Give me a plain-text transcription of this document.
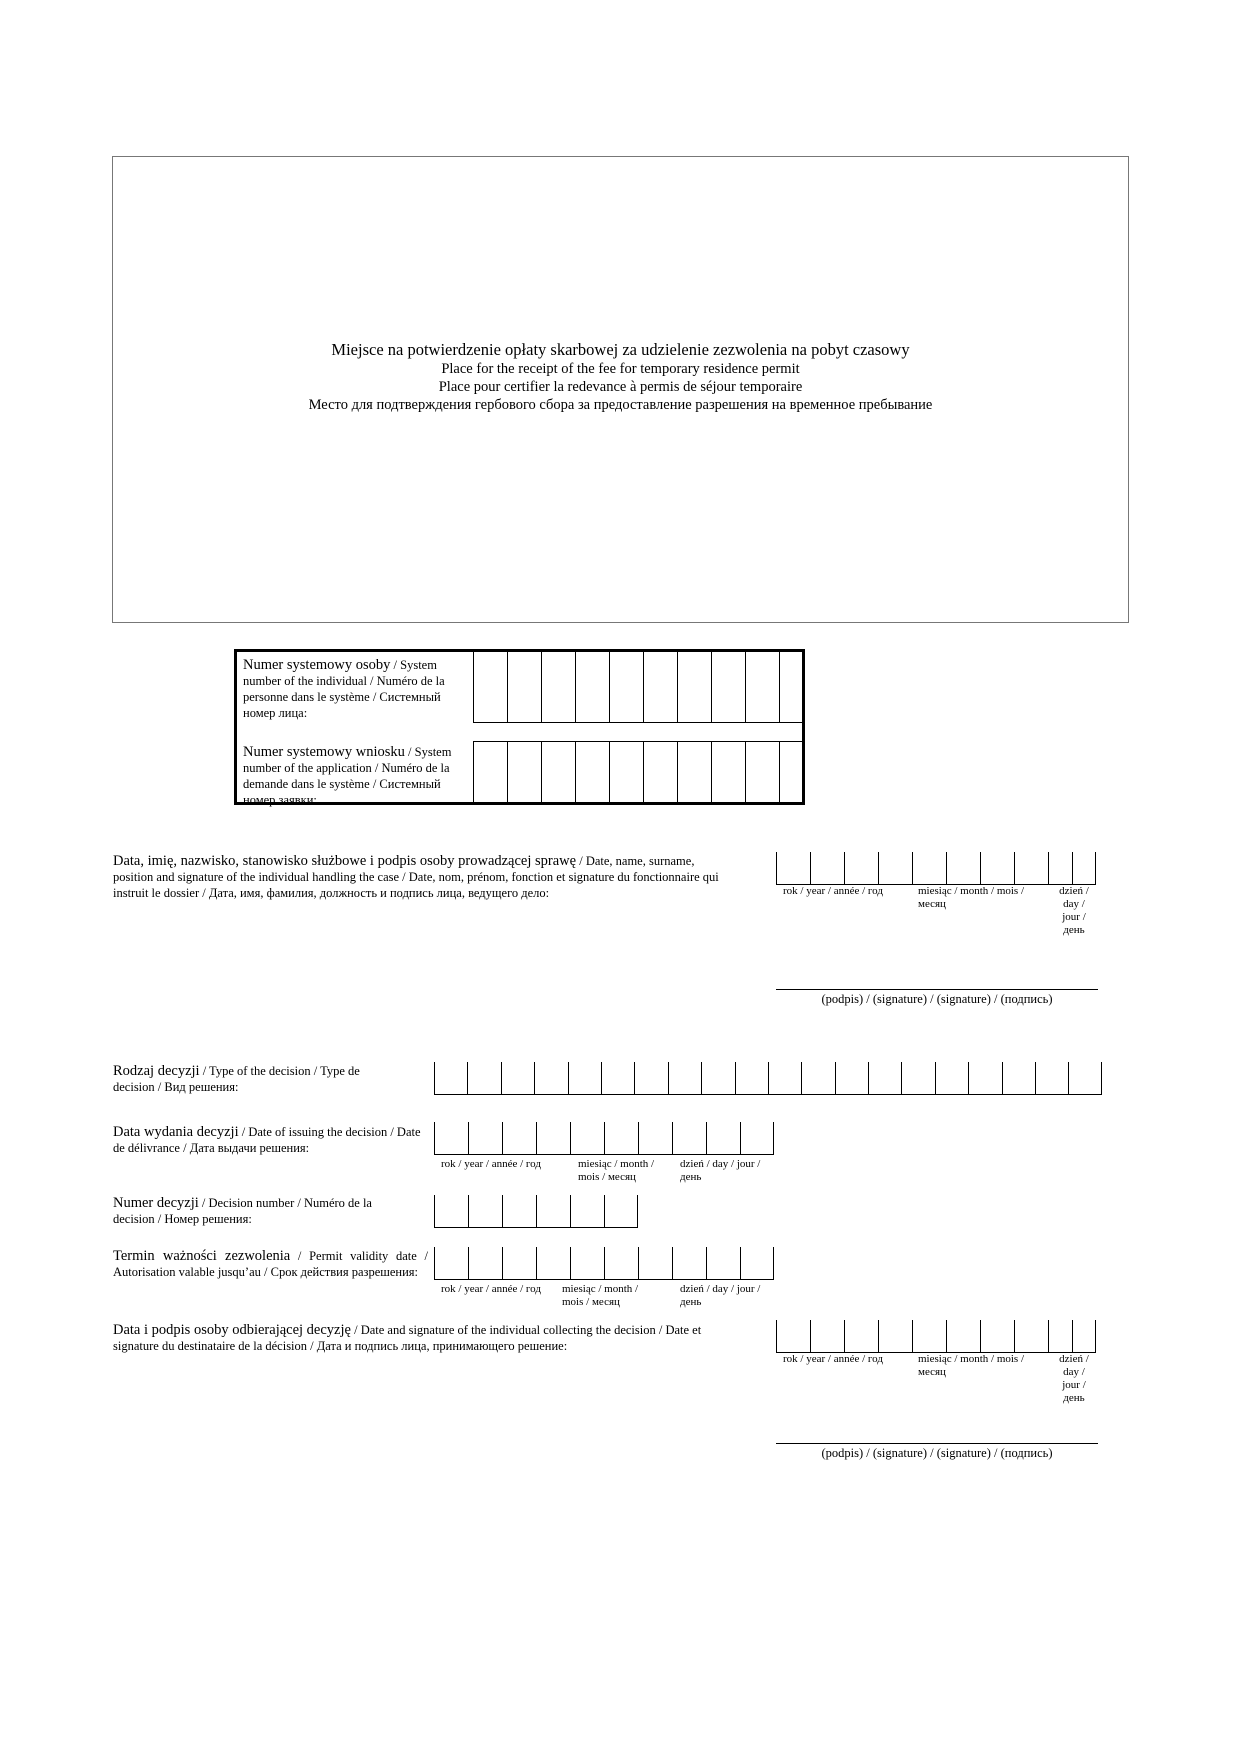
Miejsce na potwierdzenie opłaty skarbowej za udzielenie zezwolenia na pobyt czasowy
Place for the receipt of the fee for temporary residence permit
Place pour certifier la redevance à permis de séjour temporaire
Место для подтверждения гербового сбора за предоставление разрешения на временное пребывание
Numer systemowy osoby / System number of the individual / Numéro de la personne dans le système / Системный номер лица:
Numer systemowy wniosku / System number of the application / Numéro de la demande dans le système / Системный номер заявки:
Data, imię, nazwisko, stanowisko służbowe i podpis osoby prowadzącej sprawę / Date, name, surname, position and signature of the individual handling the case / Date, nom, prénom, fonction et signature du fonctionnaire qui instruit le dossier / Дата, имя, фамилия, должность и подпись лица, ведущего дело:	rok / year / année / год	miesiąc / month / mois / месяц
dzień / day / jour / день
(podpis) / (signature) / (signature) / (подпись)
Rodzaj decyzji / Type of the decision / Type de decision / Вид решения:
Data wydania decyzji / Date of issuing the decision / Date de délivrance / Дата выдачи решения:
rok / year / année / год	miesiąc / month / mois / месяц
dzień / day / jour / день
Numer decyzji / Decision number / Numéro de la decision / Номер решения:
Termin ważności zezwolenia / Permit validity date / Autorisation valable jusqu’au / Срок действия разрешения:
rok / year / année / год	miesiąc / month / mois / месяц
dzień / day / jour / день
Data i podpis osoby odbierającej decyzję / Date and signature of the individual collecting the decision / Date et signature du destinataire de la décision / Дата и подпись лица, принимающего решение:
rok / year / année / год	miesiąc / month / mois / месяц
dzień / day / jour / день
(podpis) / (signature) / (signature) / (подпись)
